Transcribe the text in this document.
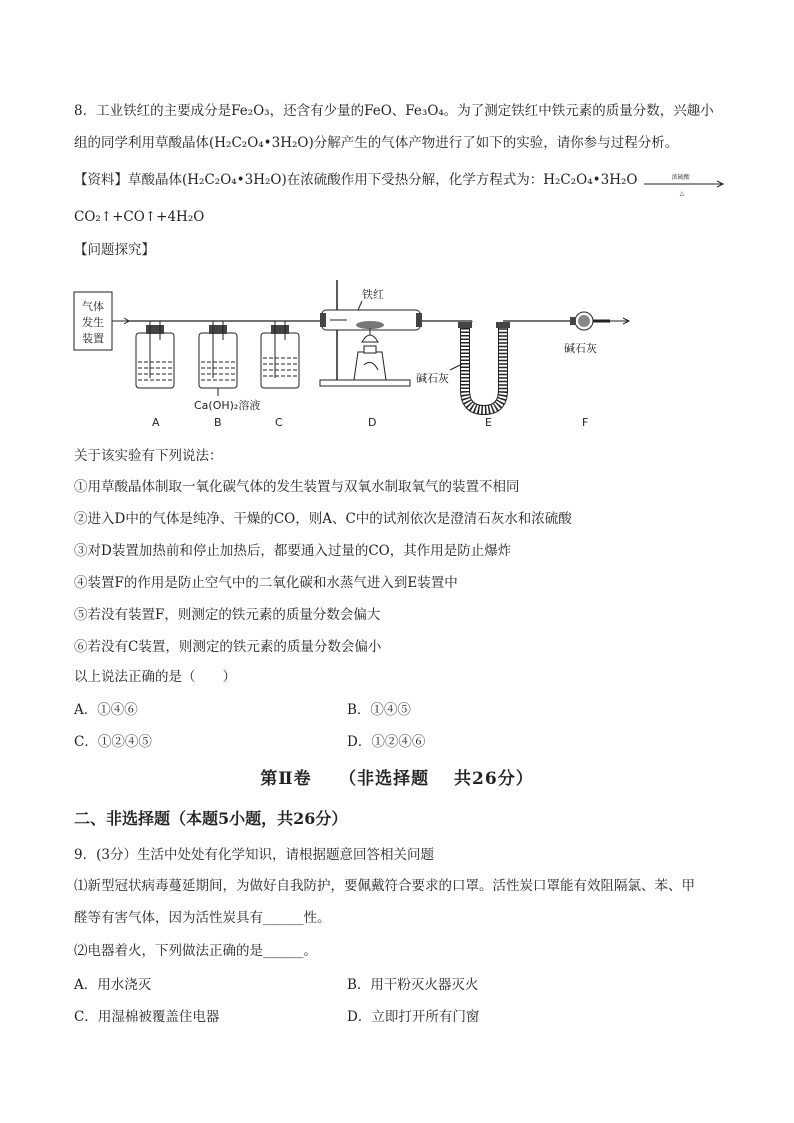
8．工业铁红的主要成分是Fe₂O₃，还含有少量的FeO、Fe₃O₄。为了测定铁红中铁元素的质量分数，兴趣小
组的同学利用草酸晶体(H₂C₂O₄•3H₂O)分解产生的气体产物进行了如下的实验，请你参与过程分析。
【资料】草酸晶体(H₂C₂O₄•3H₂O)在浓硫酸作用下受热分解，化学方程式为：H₂C₂O₄•3H₂O	浓硫酸
△
CO₂↑+CO↑+4H₂O
【问题探究】
气体
发生
装置
铁红
碱石灰
碱石灰
Ca(OH)₂溶液
A	B	C	D	E	F
关于该实验有下列说法：
①用草酸晶体制取一氧化碳气体的发生装置与双氧水制取氧气的装置不相同
②进入D中的气体是纯净、干燥的CO，则A、C中的试剂依次是澄清石灰水和浓硫酸
③对D装置加热前和停止加热后，都要通入过量的CO，其作用是防止爆炸
④装置F的作用是防止空气中的二氧化碳和水蒸气进入到E装置中
⑤若没有装置F，则测定的铁元素的质量分数会偏大
⑥若没有C装置，则测定的铁元素的质量分数会偏小
以上说法正确的是（　　）
A．①④⑥	B．①④⑤
C．①②④⑤	D．①②④⑥
第Ⅱ卷　　（非选择题　 共26分）
二、非选择题（本题5小题，共26分）
9．(3分）生活中处处有化学知识，请根据题意回答相关问题
⑴新型冠状病毒蔓延期间，为做好自我防护，要佩戴符合要求的口罩。活性炭口罩能有效阻隔氯、苯、甲
醛等有害气体，因为活性炭具有______性。
⑵电器着火，下列做法正确的是______。
A．用水浇灭	B．用干粉灭火器灭火
C．用湿棉被覆盖住电器	D．立即打开所有门窗
